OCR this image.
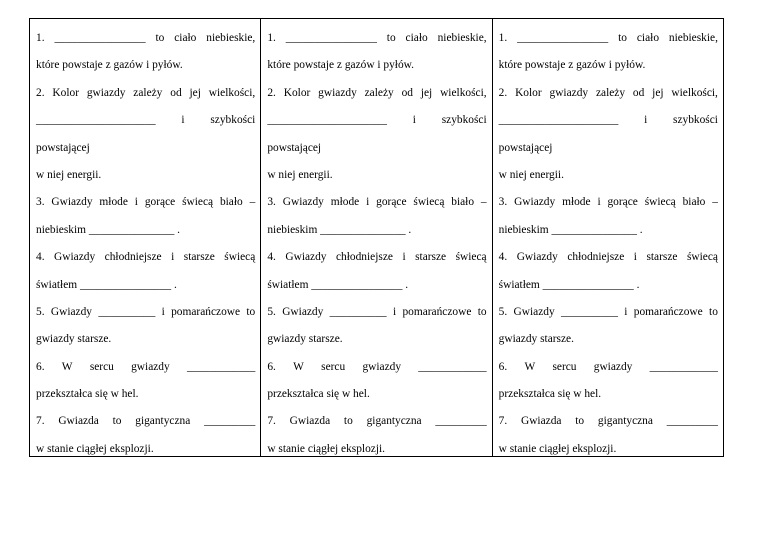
1. ________________ to ciało niebieskie,
które powstaje z gazów i pyłów.
2. Kolor gwiazdy zależy od jej wielkości,
_____________________ i szybkości
powstającej
w niej energii.
3. Gwiazdy młode i gorące świecą biało –
niebieskim _______________ .
4. Gwiazdy chłodniejsze i starsze świecą
światłem ________________ .
5. Gwiazdy __________ i pomarańczowe to
gwiazdy starsze.
6. W sercu gwiazdy ____________
przekształca się w hel.
7. Gwiazda to gigantyczna _________
w stanie ciągłej eksplozji.
1. ________________ to ciało niebieskie,
które powstaje z gazów i pyłów.
2. Kolor gwiazdy zależy od jej wielkości,
_____________________ i szybkości
powstającej
w niej energii.
3. Gwiazdy młode i gorące świecą biało –
niebieskim _______________ .
4. Gwiazdy chłodniejsze i starsze świecą
światłem ________________ .
5. Gwiazdy __________ i pomarańczowe to
gwiazdy starsze.
6. W sercu gwiazdy ____________
przekształca się w hel.
7. Gwiazda to gigantyczna _________
w stanie ciągłej eksplozji.
1. ________________ to ciało niebieskie,
które powstaje z gazów i pyłów.
2. Kolor gwiazdy zależy od jej wielkości,
_____________________ i szybkości
powstającej
w niej energii.
3. Gwiazdy młode i gorące świecą biało –
niebieskim _______________ .
4. Gwiazdy chłodniejsze i starsze świecą
światłem ________________ .
5. Gwiazdy __________ i pomarańczowe to
gwiazdy starsze.
6. W sercu gwiazdy ____________
przekształca się w hel.
7. Gwiazda to gigantyczna _________
w stanie ciągłej eksplozji.
